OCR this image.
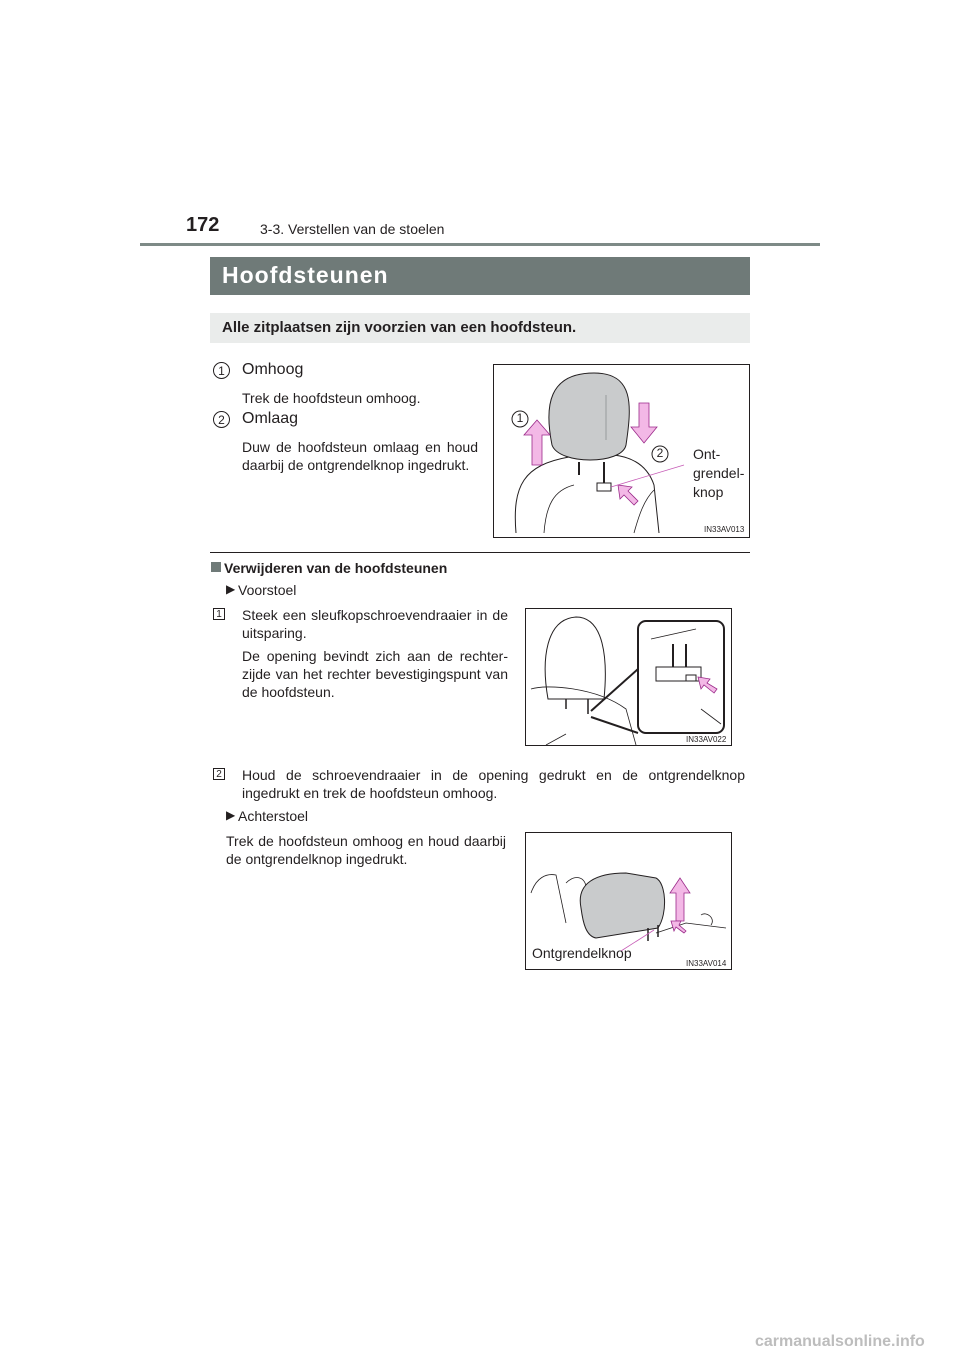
172	3-3. Verstellen van de stoelen
Hoofdsteunen
Alle zitplaatsen zijn voorzien van een hoofdsteun.
1	Omhoog
Trek de hoofdsteun omhoog.
2	Omlaag
Duw de hoofdsteun omlaag en houd daarbij de ontgrendelknop ingedrukt.
1
2 Ont-
grendel-
knop
IN33AV013
Verwijderen van de hoofdsteunen
▶ Voorstoel
1 Steek een sleufkopschroevendraaier in de uitsparing.
De opening bevindt zich aan de rechter-zijde van het rechter bevestigingspunt van de hoofdsteun.
IN33AV022
2 Houd de schroevendraaier in de opening gedrukt en de ontgrendelknop ingedrukt en trek de hoofdsteun omhoog.
▶ Achterstoel
Trek de hoofdsteun omhoog en houd daarbij de ontgrendelknop ingedrukt.
Ontgrendelknop
IN33AV014
carmanualsonline.info
